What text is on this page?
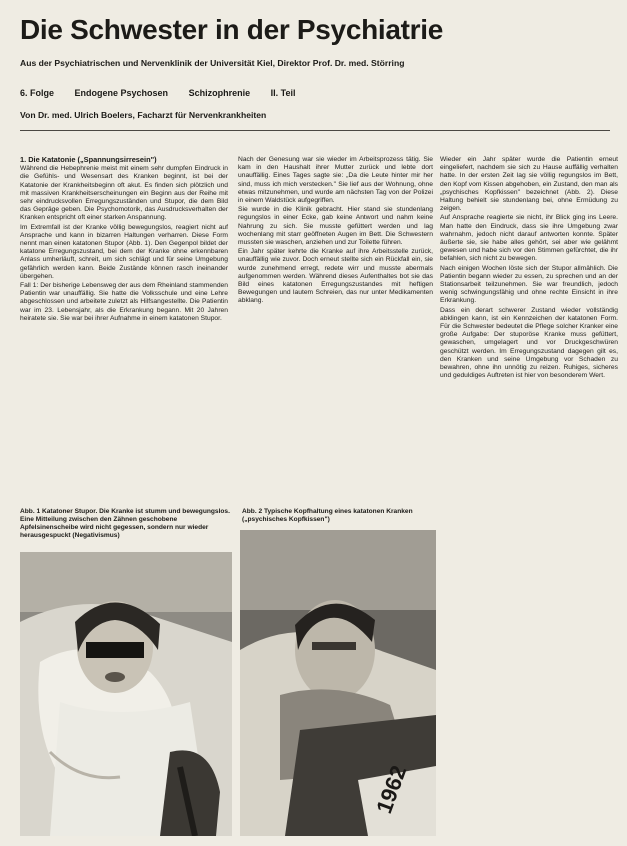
Die Schwester in der Psychiatrie
Aus der Psychiatrischen und Nervenklinik der Universität Kiel, Direktor Prof. Dr. med. Störring
6. Folge Endogene Psychosen Schizophrenie II. Teil
Von Dr. med. Ulrich Boelers, Facharzt für Nervenkrankheiten

1. Die Katatonie („Spannungsirresein")

Während die Hebephrenie meist mit einem sehr dumpfen Eindruck in die Gefühls- und Wesensart des Kranken beginnt, ist bei der Katatonie der Krankheitsbeginn oft akut. Es finden sich plötzlich und mit massiven Krankheitserscheinungen ein Beginn aus der Reihe mit sehr eindrucksvollen Erregungszuständen und Stupor, die dem Bild das Gepräge geben. Die Psychomotorik, das Ausdrucksverhalten der Kranken entspricht oft einer starken Anspannung.

Im Extremfall ist der Kranke völlig bewegungslos, reagiert nicht auf Ansprache und kann in bizarren Haltungen verharren. Diese Form nennt man einen katatonen Stupor (Abb. 1). Den Gegenpol bildet der katatone Erregungszustand, bei dem der Kranke ohne erkennbaren Anlass umherläuft, schreit, um sich schlägt und für seine Umgebung gefährlich werden kann. Beide Zustände können rasch ineinander übergehen.

Fall 1: Der bisherige Lebensweg der aus dem Rheinland stammenden Patientin war unauffällig. Sie hatte die Volksschule und eine Lehre abgeschlossen und arbeitete zuletzt als Hilfsangestellte. Die Patientin war im 23. Lebensjahr, als die Erkrankung begann. Mit 20 Jahren heiratete sie. Sie war bei ihrer Aufnahme in einem katatonen Stupor.

Nach der Genesung war sie wieder im Arbeitsprozess tätig. Sie kam in den Haushalt ihrer Mutter zurück und lebte dort unauffällig. Eines Tages sagte sie: „Da die Leute hinter mir her sind, muss ich mich verstecken." Sie lief aus der Wohnung, ohne etwas mitzunehmen, und wurde am nächsten Tag von der Polizei in einem Waldstück aufgegriffen.

Sie wurde in die Klinik gebracht. Hier stand sie stundenlang regungslos in einer Ecke, gab keine Antwort und nahm keine Nahrung zu sich. Sie musste gefüttert werden und lag wochenlang mit starr geöffneten Augen im Bett. Die Schwestern mussten sie waschen, anziehen und zur Toilette führen.

Ein Jahr später kehrte die Kranke auf ihre Arbeitsstelle zurück, unauffällig wie zuvor. Doch erneut stellte sich ein Rückfall ein, sie wurde zunehmend erregt, redete wirr und musste abermals aufgenommen werden. Während dieses Aufenthaltes bot sie das Bild eines katatonen Erregungszustandes mit heftigen Bewegungen und lautem Schreien, das nur unter Medikamenten abklang.

Wieder ein Jahr später wurde die Patientin erneut eingeliefert, nachdem sie sich zu Hause auffällig verhalten hatte. In der ersten Zeit lag sie völlig regungslos im Bett, den Kopf vom Kissen abgehoben, ein Zustand, den man als „psychisches Kopfkissen" bezeichnet (Abb. 2). Diese Haltung behielt sie stundenlang bei, ohne Ermüdung zu zeigen.

Auf Ansprache reagierte sie nicht, ihr Blick ging ins Leere. Man hatte den Eindruck, dass sie ihre Umgebung zwar wahrnahm, jedoch nicht darauf antworten konnte. Später äußerte sie, sie habe alles gehört, sei aber wie gelähmt gewesen und habe sich vor den Stimmen gefürchtet, die ihr befahlen, sich nicht zu bewegen.

Nach einigen Wochen löste sich der Stupor allmählich. Die Patientin begann wieder zu essen, zu sprechen und an der Stationsarbeit teilzunehmen. Sie war freundlich, jedoch wenig schwingungsfähig und ohne rechte Einsicht in ihre Erkrankung.

Dass ein derart schwerer Zustand wieder vollständig abklingen kann, ist ein Kennzeichen der katatonen Form. Für die Schwester bedeutet die Pflege solcher Kranker eine große Aufgabe: Der stuporöse Kranke muss gefüttert, gewaschen, umgelagert und vor Druckgeschwüren geschützt werden. Im Erregungszustand dagegen gilt es, den Kranken und seine Umgebung vor Schaden zu bewahren, ohne ihn unnötig zu reizen. Ruhiges, sicheres und geduldiges Auftreten ist hier von besonderem Wert.

Abb. 1 Katatoner Stupor. Die Kranke ist stumm und bewegungslos. Eine Mitteilung zwischen den Zähnen geschobene Apfelsinenscheibe wird nicht gegessen, sondern nur wieder herausgespuckt (Negativismus)
Abb. 2 Typische Kopfhaltung eines katatonen Kranken („psychisches Kopfkissen")
1962
